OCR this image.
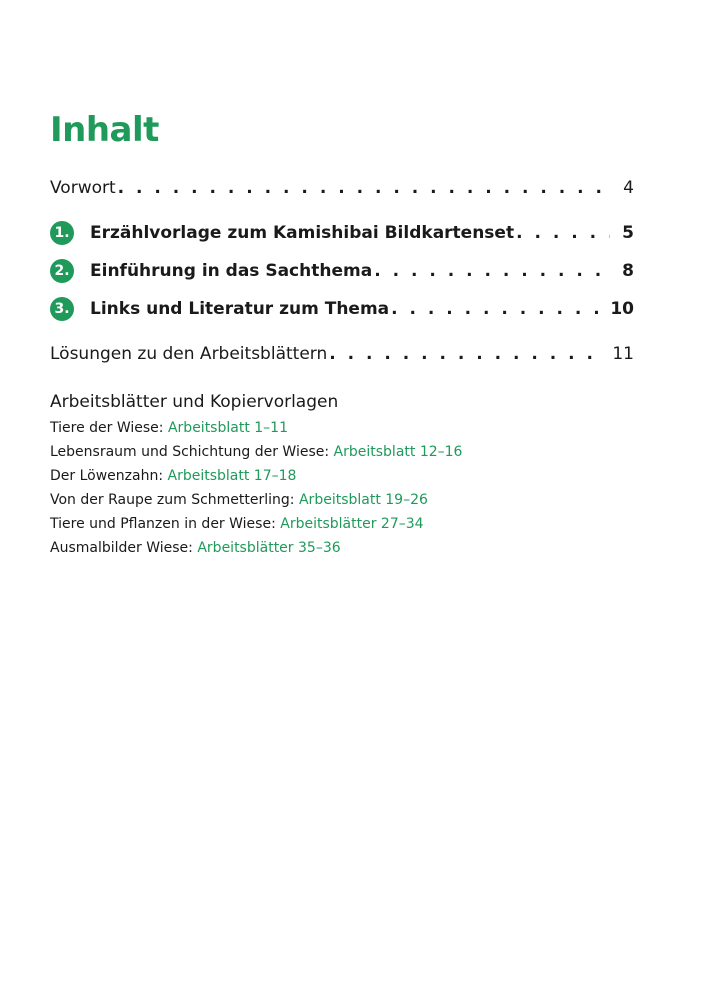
Inhalt
Vorwort . . .	4
1. Erzählvorlage zum Kamishibai Bildkartenset . . .	5
2. Einführung in das Sachthema . . .	8
3. Links und Literatur zum Thema . . .	10
Lösungen zu den Arbeitsblättern . . .	11
Arbeitsblätter und Kopiervorlagen
Tiere der Wiese: Arbeitsblatt 1–11
Lebensraum und Schichtung der Wiese: Arbeitsblatt 12–16
Der Löwenzahn: Arbeitsblatt 17–18
Von der Raupe zum Schmetterling: Arbeitsblatt 19–26
Tiere und Pflanzen in der Wiese: Arbeitsblätter 27–34
Ausmalbilder Wiese: Arbeitsblätter 35–36
